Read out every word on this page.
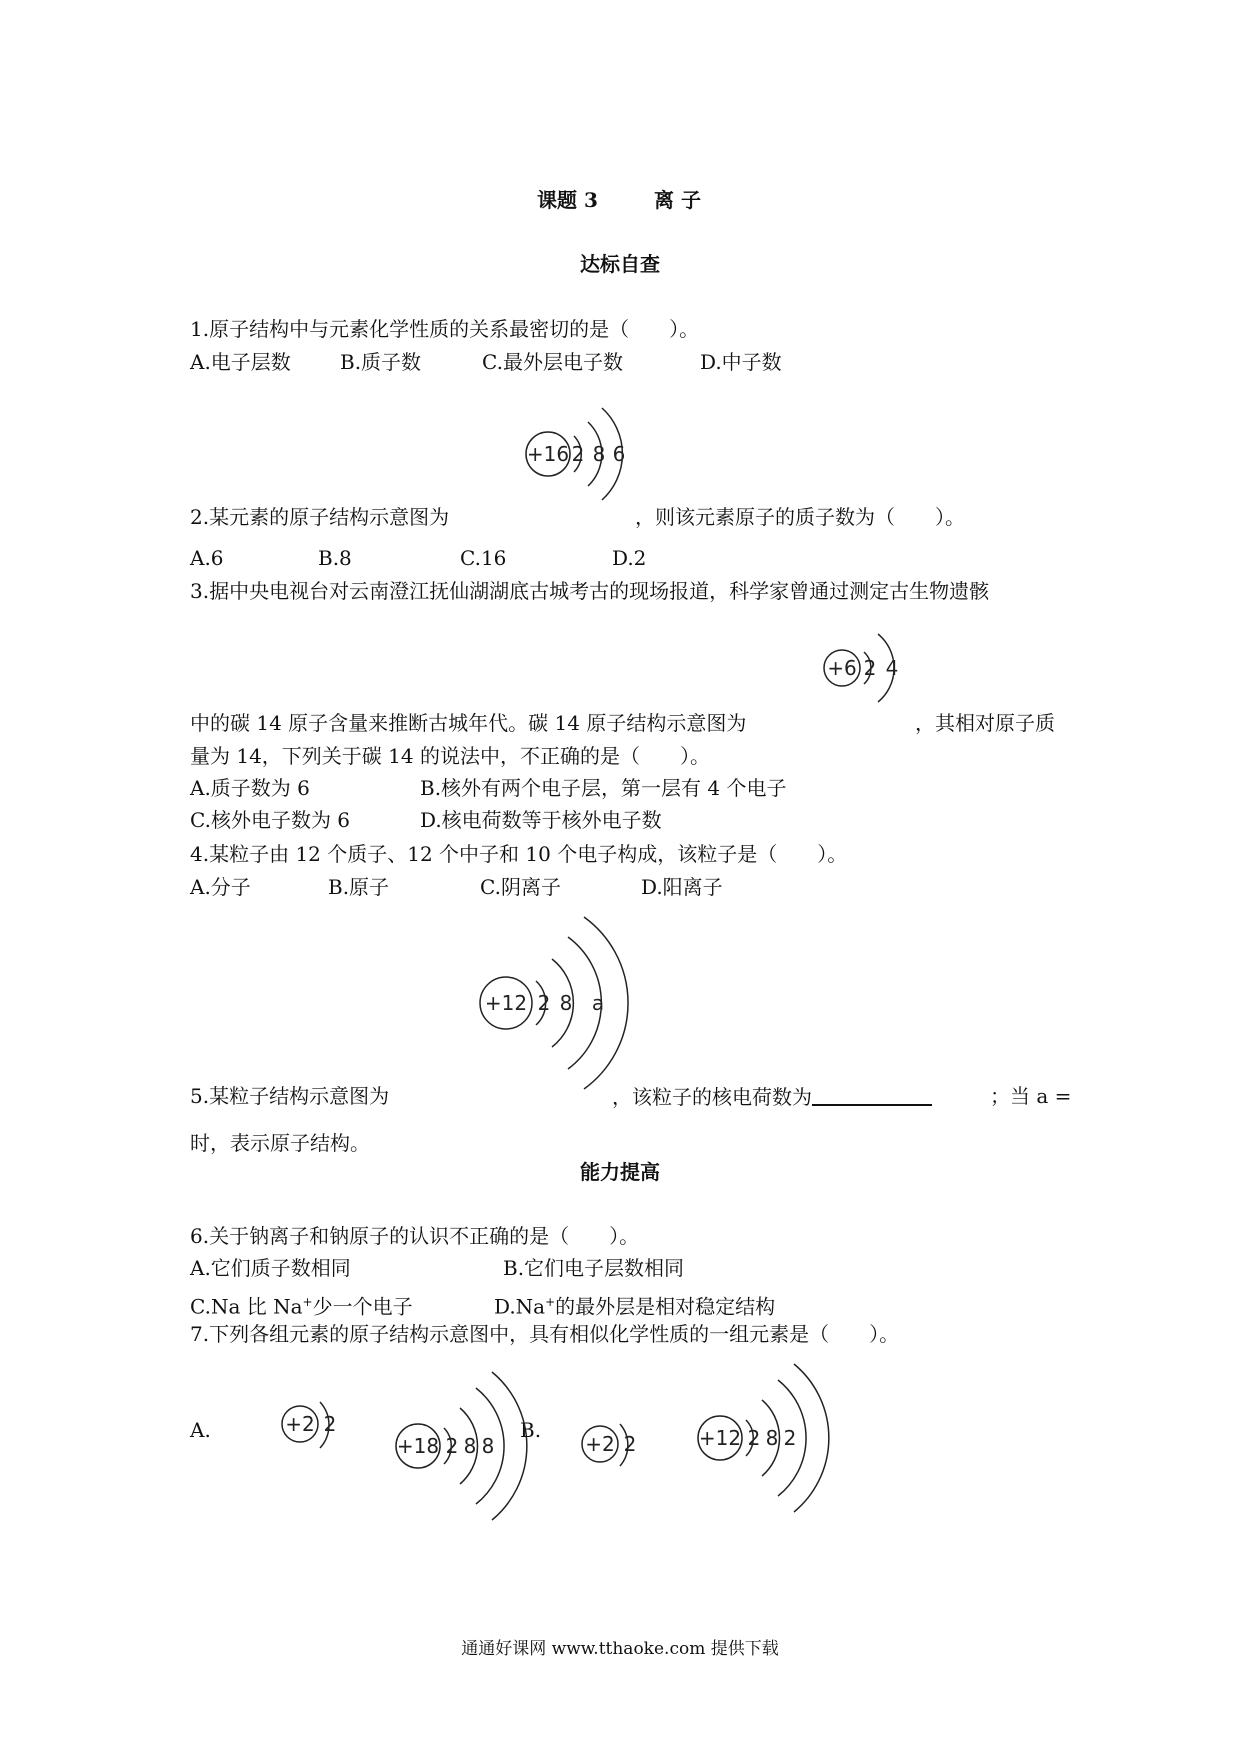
课题 3	离 子
达标自查
1.原子结构中与元素化学性质的关系最密切的是（　　）。
A.电子层数 B.质子数	C.最外层电子数	D.中子数
+16 2 8 6
2.某元素的原子结构示意图为	，则该元素原子的质子数为（　　）。
A.6	B.8	C.16	D.2
3.据中央电视台对云南澄江抚仙湖湖底古城考古的现场报道，科学家曾通过测定古生物遗骸
+6 2 4
中的碳 14 原子含量来推断古城年代。碳 14 原子结构示意图为	，其相对原子质
量为 14，下列关于碳 14 的说法中，不正确的是（　　）。
A.质子数为 6	B.核外有两个电子层，第一层有 4 个电子
C.核外电子数为 6	D.核电荷数等于核外电子数
4.某粒子由 12 个质子、12 个中子和 10 个电子构成，该粒子是（　　）。
A.分子	B.原子	C.阴离子	D.阳离子
+12 2 8 a
5.某粒子结构示意图为	，该粒子的核电荷数为	；当 a =
时，表示原子结构。
能力提高
6.关于钠离子和钠原子的认识不正确的是（　　）。
A.它们质子数相同	B.它们电子层数相同
C.Na 比 Na+少一个电子	D.Na+的最外层是相对稳定结构
7.下列各组元素的原子结构示意图中，具有相似化学性质的一组元素是（　　）。
A.	B.
+2 2
+18 2 8 8	+2 2	+12 2 8 2
通通好课网 www.tthaoke.com 提供下载
